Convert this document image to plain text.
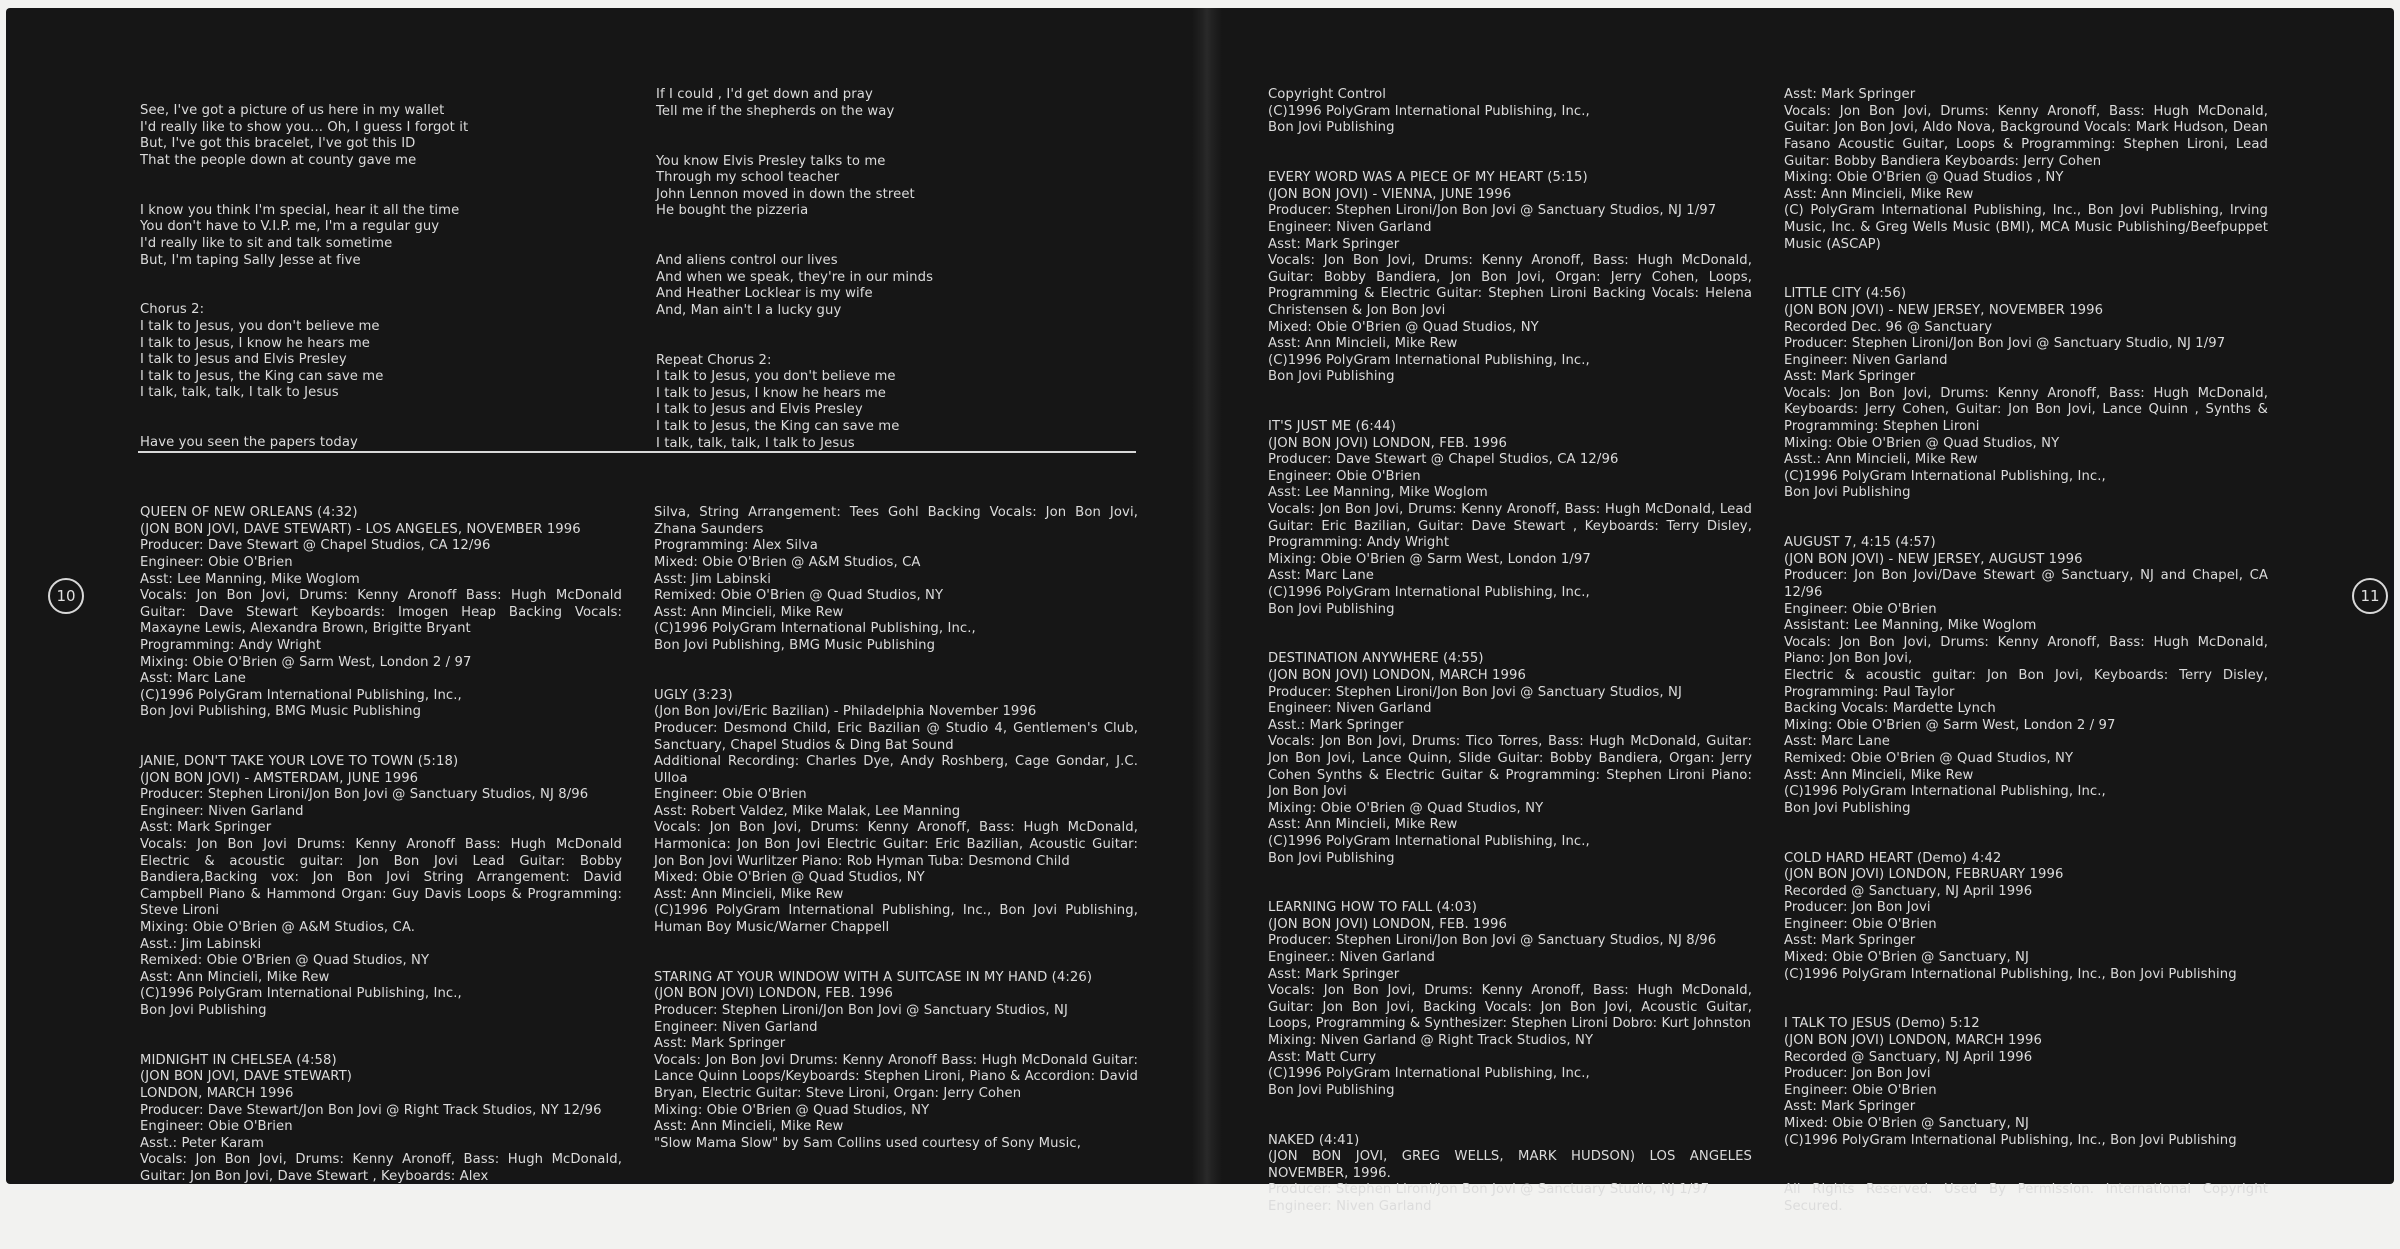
See, I've got a picture of us here in my wallet
I'd really like to show you... Oh, I guess I forgot it
But, I've got this bracelet, I've got this ID
That the people down at county gave me

I know you think I'm special, hear it all the time
You don't have to V.I.P. me, I'm a regular guy
I'd really like to sit and talk sometime
But, I'm taping Sally Jesse at five

Chorus 2:
I talk to Jesus, you don't believe me
I talk to Jesus, I know he hears me
I talk to Jesus and Elvis Presley
I talk to Jesus, the King can save me
I talk, talk, talk, I talk to Jesus

Have you seen the papers today

If I could , I'd get down and pray
Tell me if the shepherds on the way

You know Elvis Presley talks to me
Through my school teacher
John Lennon moved in down the street
He bought the pizzeria

And aliens control our lives
And when we speak, they're in our minds
And Heather Locklear is my wife
And, Man ain't I a lucky guy

Repeat Chorus 2:
I talk to Jesus, you don't believe me
I talk to Jesus, I know he hears me
I talk to Jesus and Elvis Presley
I talk to Jesus, the King can save me
I talk, talk, talk, I talk to Jesus

10

QUEEN OF NEW ORLEANS (4:32)
(JON BON JOVI, DAVE STEWART) - LOS ANGELES, NOVEMBER 1996
Producer: Dave Stewart @ Chapel Studios, CA 12/96
Engineer: Obie O'Brien
Asst: Lee Manning, Mike Woglom
Vocals: Jon Bon Jovi, Drums: Kenny Aronoff Bass: Hugh McDonald Guitar: Dave Stewart Keyboards: Imogen Heap Backing Vocals: Maxayne Lewis, Alexandra Brown, Brigitte Bryant
Programming: Andy Wright
Mixing: Obie O'Brien @ Sarm West, London 2 / 97
Asst: Marc Lane
(C)1996 PolyGram International Publishing, Inc.,
Bon Jovi Publishing, BMG Music Publishing

JANIE, DON'T TAKE YOUR LOVE TO TOWN (5:18)
(JON BON JOVI) - AMSTERDAM, JUNE 1996
Producer: Stephen Lironi/Jon Bon Jovi @ Sanctuary Studios, NJ 8/96
Engineer: Niven Garland
Asst: Mark Springer
Vocals: Jon Bon Jovi Drums: Kenny Aronoff Bass: Hugh McDonald Electric & acoustic guitar: Jon Bon Jovi Lead Guitar: Bobby Bandiera,Backing vox: Jon Bon Jovi String Arrangement: David Campbell Piano & Hammond Organ: Guy Davis Loops & Programming: Steve Lironi
Mixing: Obie O'Brien @ A&M Studios, CA.
Asst.: Jim Labinski
Remixed: Obie O'Brien @ Quad Studios, NY
Asst: Ann Mincieli, Mike Rew
(C)1996 PolyGram International Publishing, Inc.,
Bon Jovi Publishing

MIDNIGHT IN CHELSEA (4:58)
(JON BON JOVI, DAVE STEWART)
LONDON, MARCH 1996
Producer: Dave Stewart/Jon Bon Jovi @ Right Track Studios, NY 12/96
Engineer: Obie O'Brien
Asst.: Peter Karam
Vocals: Jon Bon Jovi, Drums: Kenny Aronoff, Bass: Hugh McDonald, Guitar: Jon Bon Jovi, Dave Stewart , Keyboards: Alex

Silva, String Arrangement: Tees Gohl Backing Vocals: Jon Bon Jovi, Zhana Saunders
Programming: Alex Silva
Mixed: Obie O'Brien @ A&M Studios, CA
Asst: Jim Labinski
Remixed: Obie O'Brien @ Quad Studios, NY
Asst: Ann Mincieli, Mike Rew
(C)1996 PolyGram International Publishing, Inc.,
Bon Jovi Publishing, BMG Music Publishing

UGLY (3:23)
(Jon Bon Jovi/Eric Bazilian) - Philadelphia November 1996
Producer: Desmond Child, Eric Bazilian @ Studio 4, Gentlemen's Club, Sanctuary, Chapel Studios & Ding Bat Sound
Additional Recording: Charles Dye, Andy Roshberg, Cage Gondar, J.C. Ulloa
Engineer: Obie O'Brien
Asst: Robert Valdez, Mike Malak, Lee Manning
Vocals: Jon Bon Jovi, Drums: Kenny Aronoff, Bass: Hugh McDonald, Harmonica: Jon Bon Jovi Electric Guitar: Eric Bazilian, Acoustic Guitar: Jon Bon Jovi Wurlitzer Piano: Rob Hyman Tuba: Desmond Child
Mixed: Obie O'Brien @ Quad Studios, NY
Asst: Ann Mincieli, Mike Rew
(C)1996 PolyGram International Publishing, Inc., Bon Jovi Publishing, Human Boy Music/Warner Chappell

STARING AT YOUR WINDOW WITH A SUITCASE IN MY HAND (4:26)
(JON BON JOVI) LONDON, FEB. 1996
Producer: Stephen Lironi/Jon Bon Jovi @ Sanctuary Studios, NJ
Engineer: Niven Garland
Asst: Mark Springer
Vocals: Jon Bon Jovi Drums: Kenny Aronoff Bass: Hugh McDonald Guitar: Lance Quinn Loops/Keyboards: Stephen Lironi, Piano & Accordion: David Bryan, Electric Guitar: Steve Lironi, Organ: Jerry Cohen
Mixing: Obie O'Brien @ Quad Studios, NY
Asst: Ann Mincieli, Mike Rew
"Slow Mama Slow" by Sam Collins used courtesy of Sony Music,

Copyright Control
(C)1996 PolyGram International Publishing, Inc.,
Bon Jovi Publishing

EVERY WORD WAS A PIECE OF MY HEART (5:15)
(JON BON JOVI) - VIENNA, JUNE 1996
Producer: Stephen Lironi/Jon Bon Jovi @ Sanctuary Studios, NJ 1/97
Engineer: Niven Garland
Asst: Mark Springer
Vocals: Jon Bon Jovi, Drums: Kenny Aronoff, Bass: Hugh McDonald, Guitar: Bobby Bandiera, Jon Bon Jovi, Organ: Jerry Cohen, Loops, Programming & Electric Guitar: Stephen Lironi Backing Vocals: Helena Christensen & Jon Bon Jovi
Mixed: Obie O'Brien @ Quad Studios, NY
Asst: Ann Mincieli, Mike Rew
(C)1996 PolyGram International Publishing, Inc.,
Bon Jovi Publishing

IT'S JUST ME (6:44)
(JON BON JOVI) LONDON, FEB. 1996
Producer: Dave Stewart @ Chapel Studios, CA 12/96
Engineer: Obie O'Brien
Asst: Lee Manning, Mike Woglom
Vocals: Jon Bon Jovi, Drums: Kenny Aronoff, Bass: Hugh McDonald, Lead Guitar: Eric Bazilian, Guitar: Dave Stewart , Keyboards: Terry Disley, Programming: Andy Wright
Mixing: Obie O'Brien @ Sarm West, London 1/97
Asst: Marc Lane
(C)1996 PolyGram International Publishing, Inc.,
Bon Jovi Publishing

DESTINATION ANYWHERE (4:55)
(JON BON JOVI) LONDON, MARCH 1996
Producer: Stephen Lironi/Jon Bon Jovi @ Sanctuary Studios, NJ
Engineer: Niven Garland
Asst.: Mark Springer
Vocals: Jon Bon Jovi, Drums: Tico Torres, Bass: Hugh McDonald, Guitar: Jon Bon Jovi, Lance Quinn, Slide Guitar: Bobby Bandiera, Organ: Jerry Cohen Synths & Electric Guitar & Programming: Stephen Lironi Piano: Jon Bon Jovi
Mixing: Obie O'Brien @ Quad Studios, NY
Asst: Ann Mincieli, Mike Rew
(C)1996 PolyGram International Publishing, Inc.,
Bon Jovi Publishing

LEARNING HOW TO FALL (4:03)
(JON BON JOVI) LONDON, FEB. 1996
Producer: Stephen Lironi/Jon Bon Jovi @ Sanctuary Studios, NJ 8/96
Engineer.: Niven Garland
Asst: Mark Springer
Vocals: Jon Bon Jovi, Drums: Kenny Aronoff, Bass: Hugh McDonald, Guitar: Jon Bon Jovi, Backing Vocals: Jon Bon Jovi, Acoustic Guitar, Loops, Programming & Synthesizer: Stephen Lironi Dobro: Kurt Johnston
Mixing: Niven Garland @ Right Track Studios, NY
Asst: Matt Curry
(C)1996 PolyGram International Publishing, Inc.,
Bon Jovi Publishing

NAKED (4:41)
(JON BON JOVI, GREG WELLS, MARK HUDSON) LOS ANGELES NOVEMBER, 1996.
Producer: Stephen Lironi/Jon Bon Jovi @ Sanctuary Studio, NJ 1/97
Engineer: Niven Garland

Asst: Mark Springer
Vocals: Jon Bon Jovi, Drums: Kenny Aronoff, Bass: Hugh McDonald, Guitar: Jon Bon Jovi, Aldo Nova, Background Vocals: Mark Hudson, Dean Fasano Acoustic Guitar, Loops & Programming: Stephen Lironi, Lead Guitar: Bobby Bandiera Keyboards: Jerry Cohen
Mixing: Obie O'Brien @ Quad Studios , NY
Asst: Ann Mincieli, Mike Rew
(C) PolyGram International Publishing, Inc., Bon Jovi Publishing, Irving Music, Inc. & Greg Wells Music (BMI), MCA Music Publishing/Beefpuppet Music (ASCAP)

LITTLE CITY (4:56)
(JON BON JOVI) - NEW JERSEY, NOVEMBER 1996
Recorded Dec. 96 @ Sanctuary
Producer: Stephen Lironi/Jon Bon Jovi @ Sanctuary Studio, NJ 1/97
Engineer: Niven Garland
Asst: Mark Springer
Vocals: Jon Bon Jovi, Drums: Kenny Aronoff, Bass: Hugh McDonald, Keyboards: Jerry Cohen, Guitar: Jon Bon Jovi, Lance Quinn , Synths & Programming: Stephen Lironi
Mixing: Obie O'Brien @ Quad Studios, NY
Asst.: Ann Mincieli, Mike Rew
(C)1996 PolyGram International Publishing, Inc.,
Bon Jovi Publishing

AUGUST 7, 4:15 (4:57)
(JON BON JOVI) - NEW JERSEY, AUGUST 1996
Producer: Jon Bon Jovi/Dave Stewart @ Sanctuary, NJ and Chapel, CA 12/96
Engineer: Obie O'Brien
Assistant: Lee Manning, Mike Woglom
Vocals: Jon Bon Jovi, Drums: Kenny Aronoff, Bass: Hugh McDonald, Piano: Jon Bon Jovi,
Electric & acoustic guitar: Jon Bon Jovi, Keyboards: Terry Disley, Programming: Paul Taylor
Backing Vocals: Mardette Lynch
Mixing: Obie O'Brien @ Sarm West, London 2 / 97
Asst: Marc Lane
Remixed: Obie O'Brien @ Quad Studios, NY
Asst: Ann Mincieli, Mike Rew
(C)1996 PolyGram International Publishing, Inc.,
Bon Jovi Publishing

COLD HARD HEART (Demo) 4:42
(JON BON JOVI) LONDON, FEBRUARY 1996
Recorded @ Sanctuary, NJ April 1996
Producer: Jon Bon Jovi
Engineer: Obie O'Brien
Asst: Mark Springer
Mixed: Obie O'Brien @ Sanctuary, NJ
(C)1996 PolyGram International Publishing, Inc., Bon Jovi Publishing

I TALK TO JESUS (Demo) 5:12
(JON BON JOVI) LONDON, MARCH 1996
Recorded @ Sanctuary, NJ April 1996
Producer: Jon Bon Jovi
Engineer: Obie O'Brien
Asst: Mark Springer
Mixed: Obie O'Brien @ Sanctuary, NJ
(C)1996 PolyGram International Publishing, Inc., Bon Jovi Publishing

All Rights Reserved. Used By Permission. International Copyright Secured.

11
